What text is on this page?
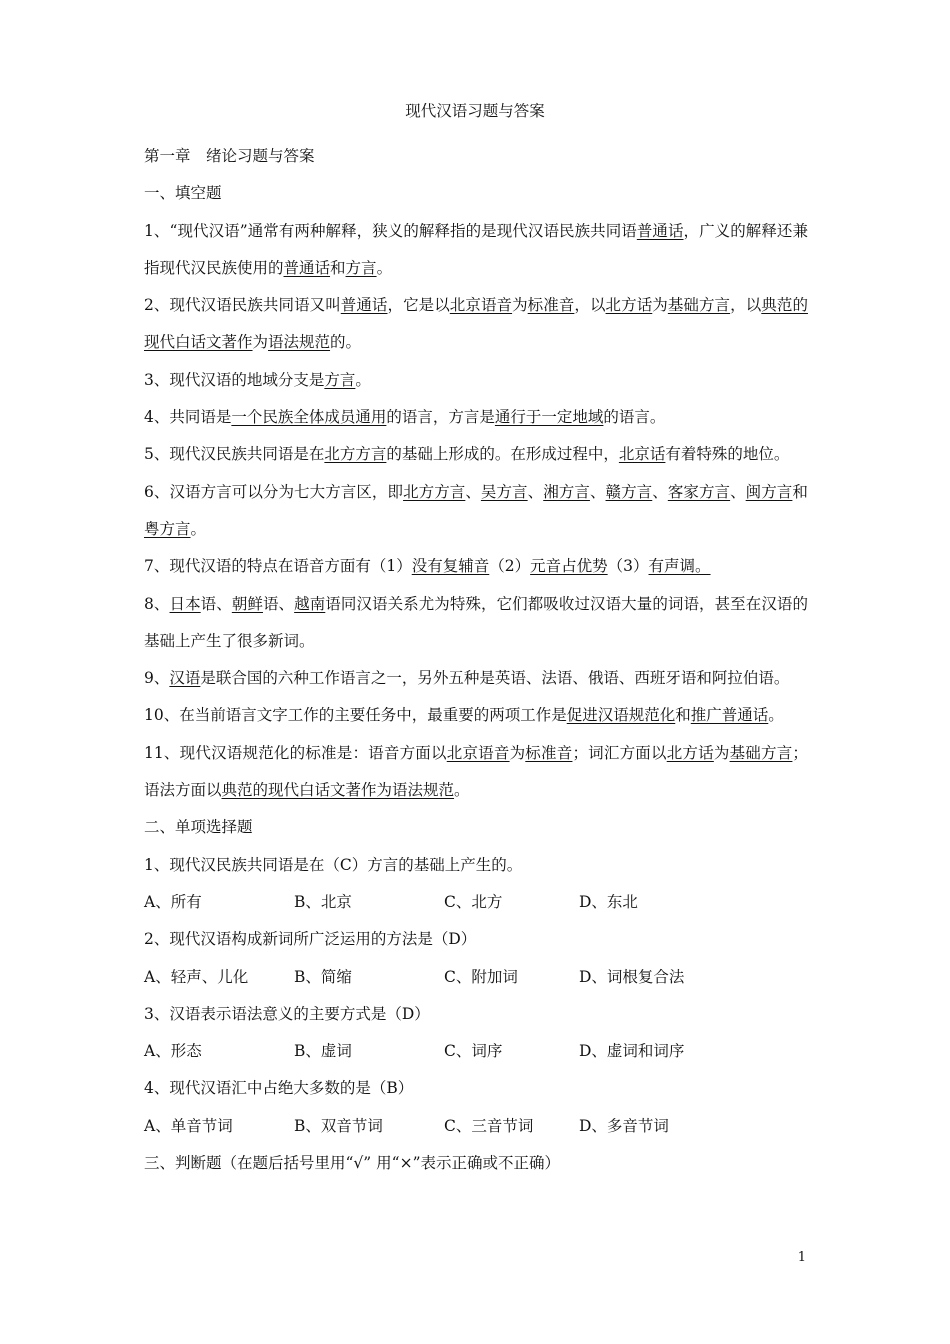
现代汉语习题与答案

第一章　绪论习题与答案

一、填空题

1、“现代汉语”通常有两种解释，狭义的解释指的是现代汉语民族共同语普通话，广义的解释还兼指现代汉民族使用的普通话和方言。

2、现代汉语民族共同语又叫普通话，它是以北京语音为标准音，以北方话为基础方言，以典范的现代白话文著作为语法规范的。

3、现代汉语的地域分支是方言。

4、共同语是一个民族全体成员通用的语言，方言是通行于一定地域的语言。

5、现代汉民族共同语是在北方方言的基础上形成的。在形成过程中，北京话有着特殊的地位。

6、汉语方言可以分为七大方言区，即北方方言、吴方言、湘方言、赣方言、客家方言、闽方言和粤方言。

7、现代汉语的特点在语音方面有（1）没有复辅音（2）元音占优势（3）有声调。

8、日本语、朝鲜语、越南语同汉语关系尤为特殊，它们都吸收过汉语大量的词语，甚至在汉语的基础上产生了很多新词。

9、汉语是联合国的六种工作语言之一，另外五种是英语、法语、俄语、西班牙语和阿拉伯语。

10、在当前语言文字工作的主要任务中，最重要的两项工作是促进汉语规范化和推广普通话。

11、现代汉语规范化的标准是：语音方面以北京语音为标准音；词汇方面以北方话为基础方言；语法方面以典范的现代白话文著作为语法规范。

二、单项选择题

1、现代汉民族共同语是在（C）方言的基础上产生的。

A、所有	B、北京	C、北方	D、东北

2、现代汉语构成新词所广泛运用的方法是（D）

A、轻声、儿化	B、简缩	C、附加词	D、词根复合法

3、汉语表示语法意义的主要方式是（D）

A、形态	B、虚词	C、词序	D、虚词和词序

4、现代汉语汇中占绝大多数的是（B）

A、单音节词	B、双音节词	C、三音节词	D、多音节词

三、判断题（在题后括号里用“√” 用“×”表示正确或不正确）

1
